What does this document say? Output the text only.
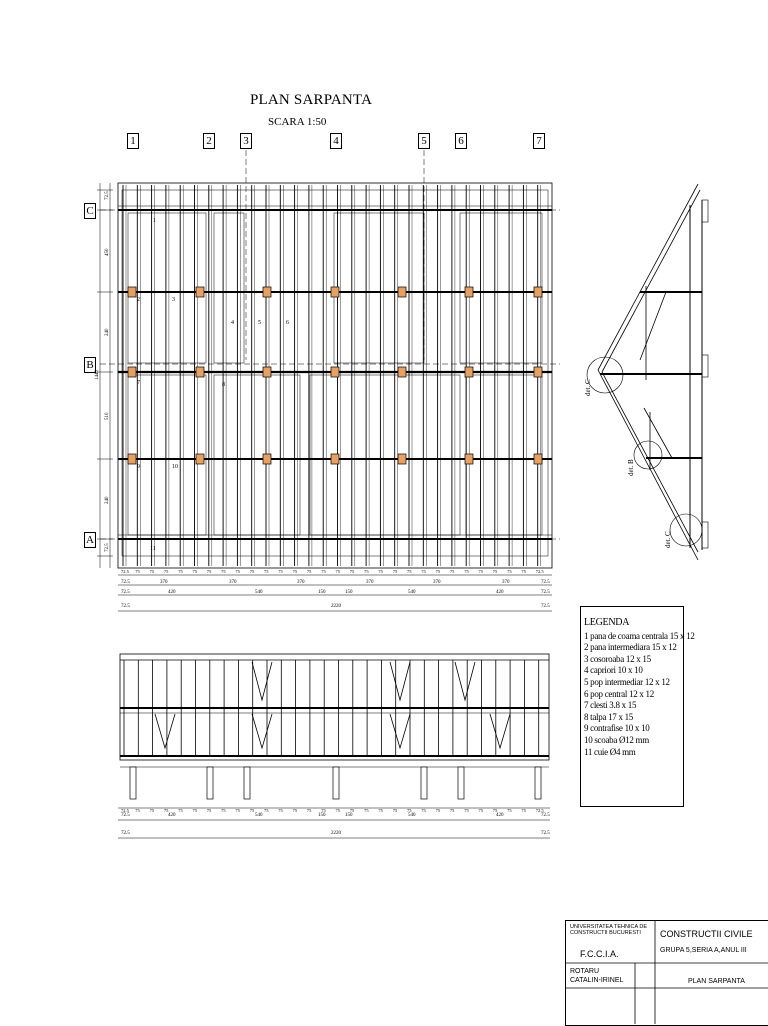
PLAN SARPANTA
SCARA 1:50
1	2	3	4	5	6	7
C
B
A
1
2	3
4	5	6
7	8
9	10
11
72.5
450
240
510
240
72.5
1440
72.5 75 75 75 75 75 75 75 75 75 75 75 75 75 75 75 75 75 75 75 75 75 75 75 75 75 75 75 75 72.5
72.5	370	370	370	370	370	370	72.5
72.5	420	540	150	150	540	420	72.5
72.5	2220	72.5
det. C
det. B
det. C
72.5 75 75 75 75 75 75 75 75 75 75 75 75 75 75 75 75 75 75 75 75 75 75 75 75 75 75 75 75 72.5
72.5	420	540	150	150	540	420	72.5
72.5	2220	72.5
LEGENDA
1 pana de coama centrala 15 x 12
2 pana intermediara 15 x 12
3 cosoroaba 12 x 15
4 capriori 10 x 10
5 pop intermediar 12 x 12
6 pop central 12 x 12
7 clesti 3.8 x 15
8 talpa 17 x 15
9 contrafise 10 x 10
10 scoaba Ø12 mm
11 cuie Ø4 mm
UNIVERSITATEA TEHNICA DE CONSTRUCTII BUCURESTI
F.C.C.I.A.
CONSTRUCTII CIVILE
GRUPA 5,SERIA A,ANUL III
ROTARU
CATALIN-IRINEL	PLAN SARPANTA
